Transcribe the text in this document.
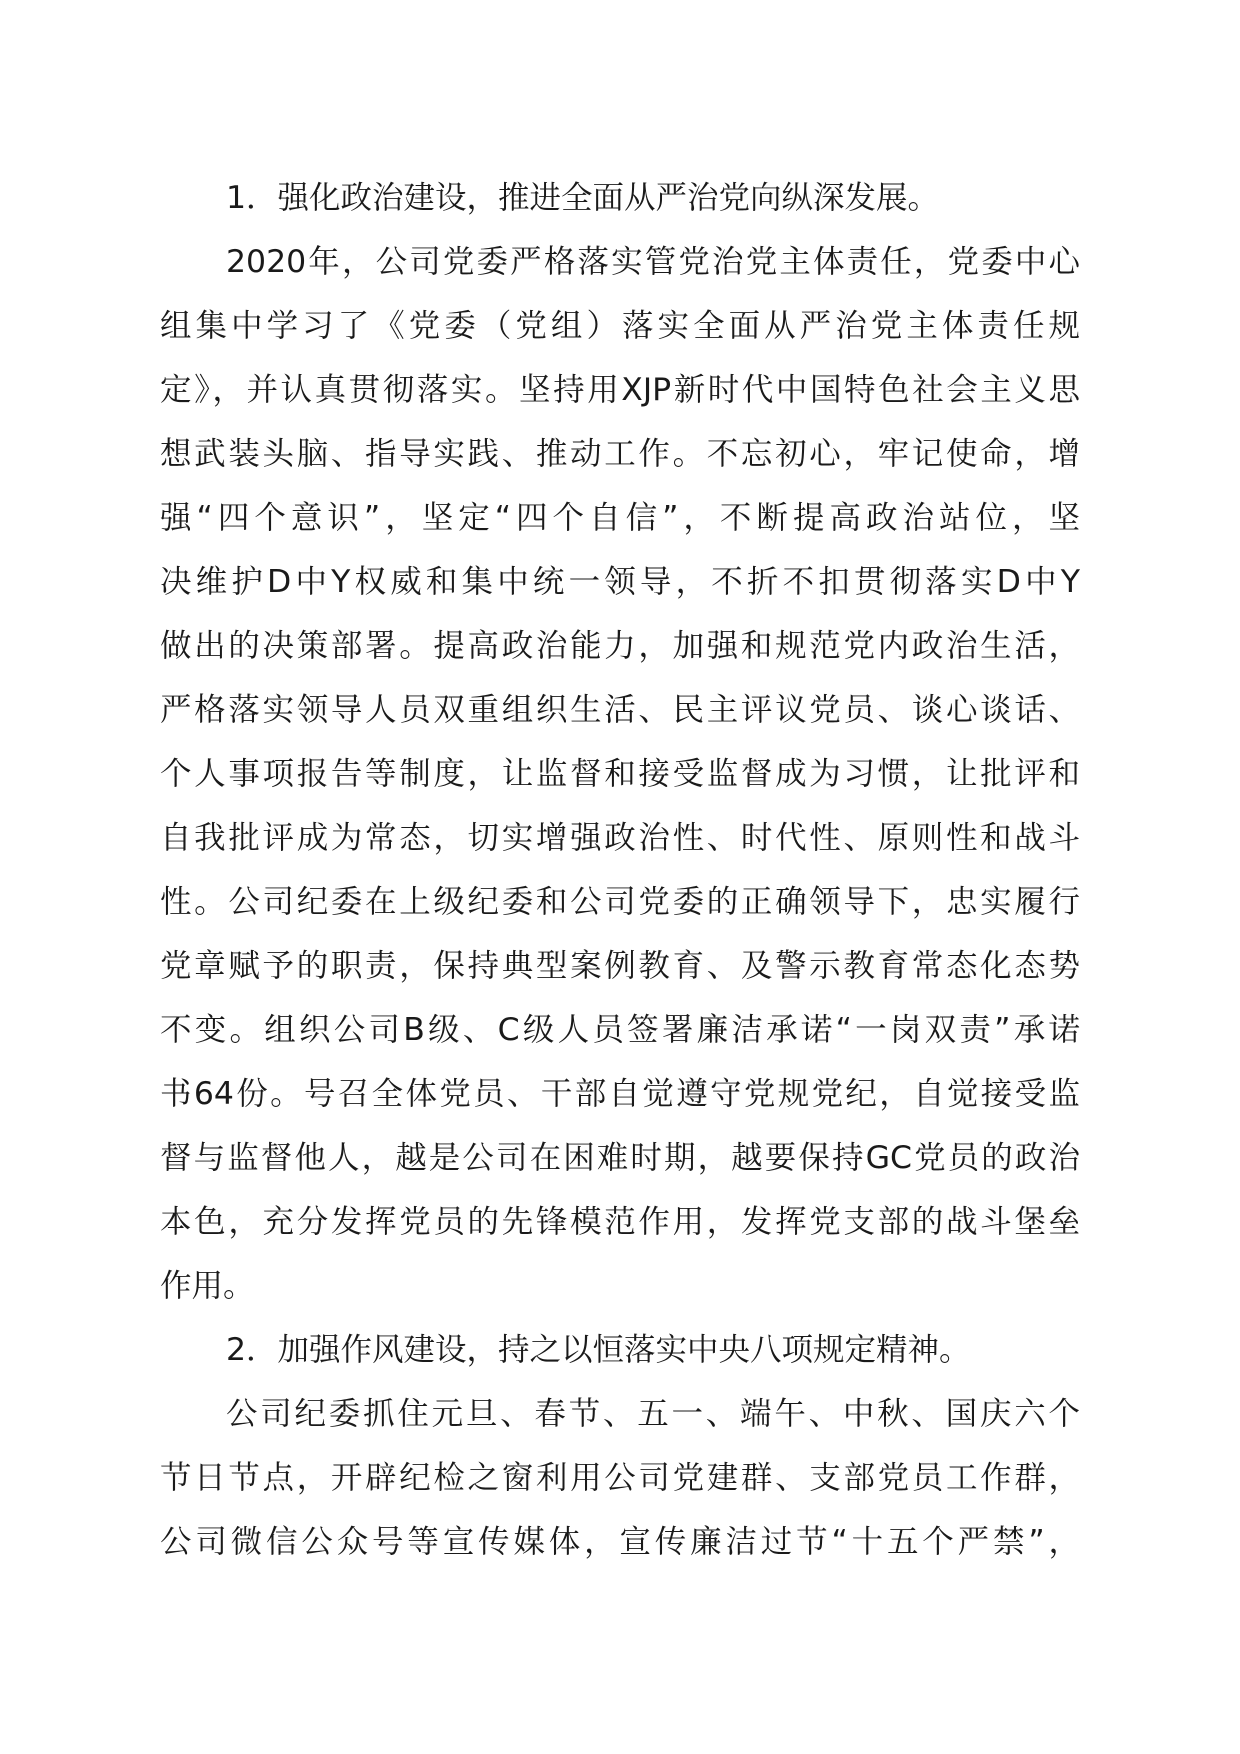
1．强化政治建设，推进全面从严治党向纵深发展。
2020年，公司党委严格落实管党治党主体责任，党委中心
组集中学习了《党委（党组）落实全面从严治党主体责任规
定》，并认真贯彻落实。坚持用XJP新时代中国特色社会主义思
想武装头脑、指导实践、推动工作。不忘初心，牢记使命，增
强“四个意识”，坚定“四个自信”，不断提高政治站位，坚
决维护D中Y权威和集中统一领导，不折不扣贯彻落实D中Y
做出的决策部署。提高政治能力，加强和规范党内政治生活，
严格落实领导人员双重组织生活、民主评议党员、谈心谈话、
个人事项报告等制度，让监督和接受监督成为习惯，让批评和
自我批评成为常态，切实增强政治性、时代性、原则性和战斗
性。公司纪委在上级纪委和公司党委的正确领导下，忠实履行
党章赋予的职责，保持典型案例教育、及警示教育常态化态势
不变。组织公司B级、C级人员签署廉洁承诺“一岗双责”承诺
书64份。号召全体党员、干部自觉遵守党规党纪，自觉接受监
督与监督他人，越是公司在困难时期，越要保持GC党员的政治
本色，充分发挥党员的先锋模范作用，发挥党支部的战斗堡垒
作用。
2．加强作风建设，持之以恒落实中央八项规定精神。
公司纪委抓住元旦、春节、五一、端午、中秋、国庆六个
节日节点，开辟纪检之窗利用公司党建群、支部党员工作群，
公司微信公众号等宣传媒体，宣传廉洁过节“十五个严禁”，
